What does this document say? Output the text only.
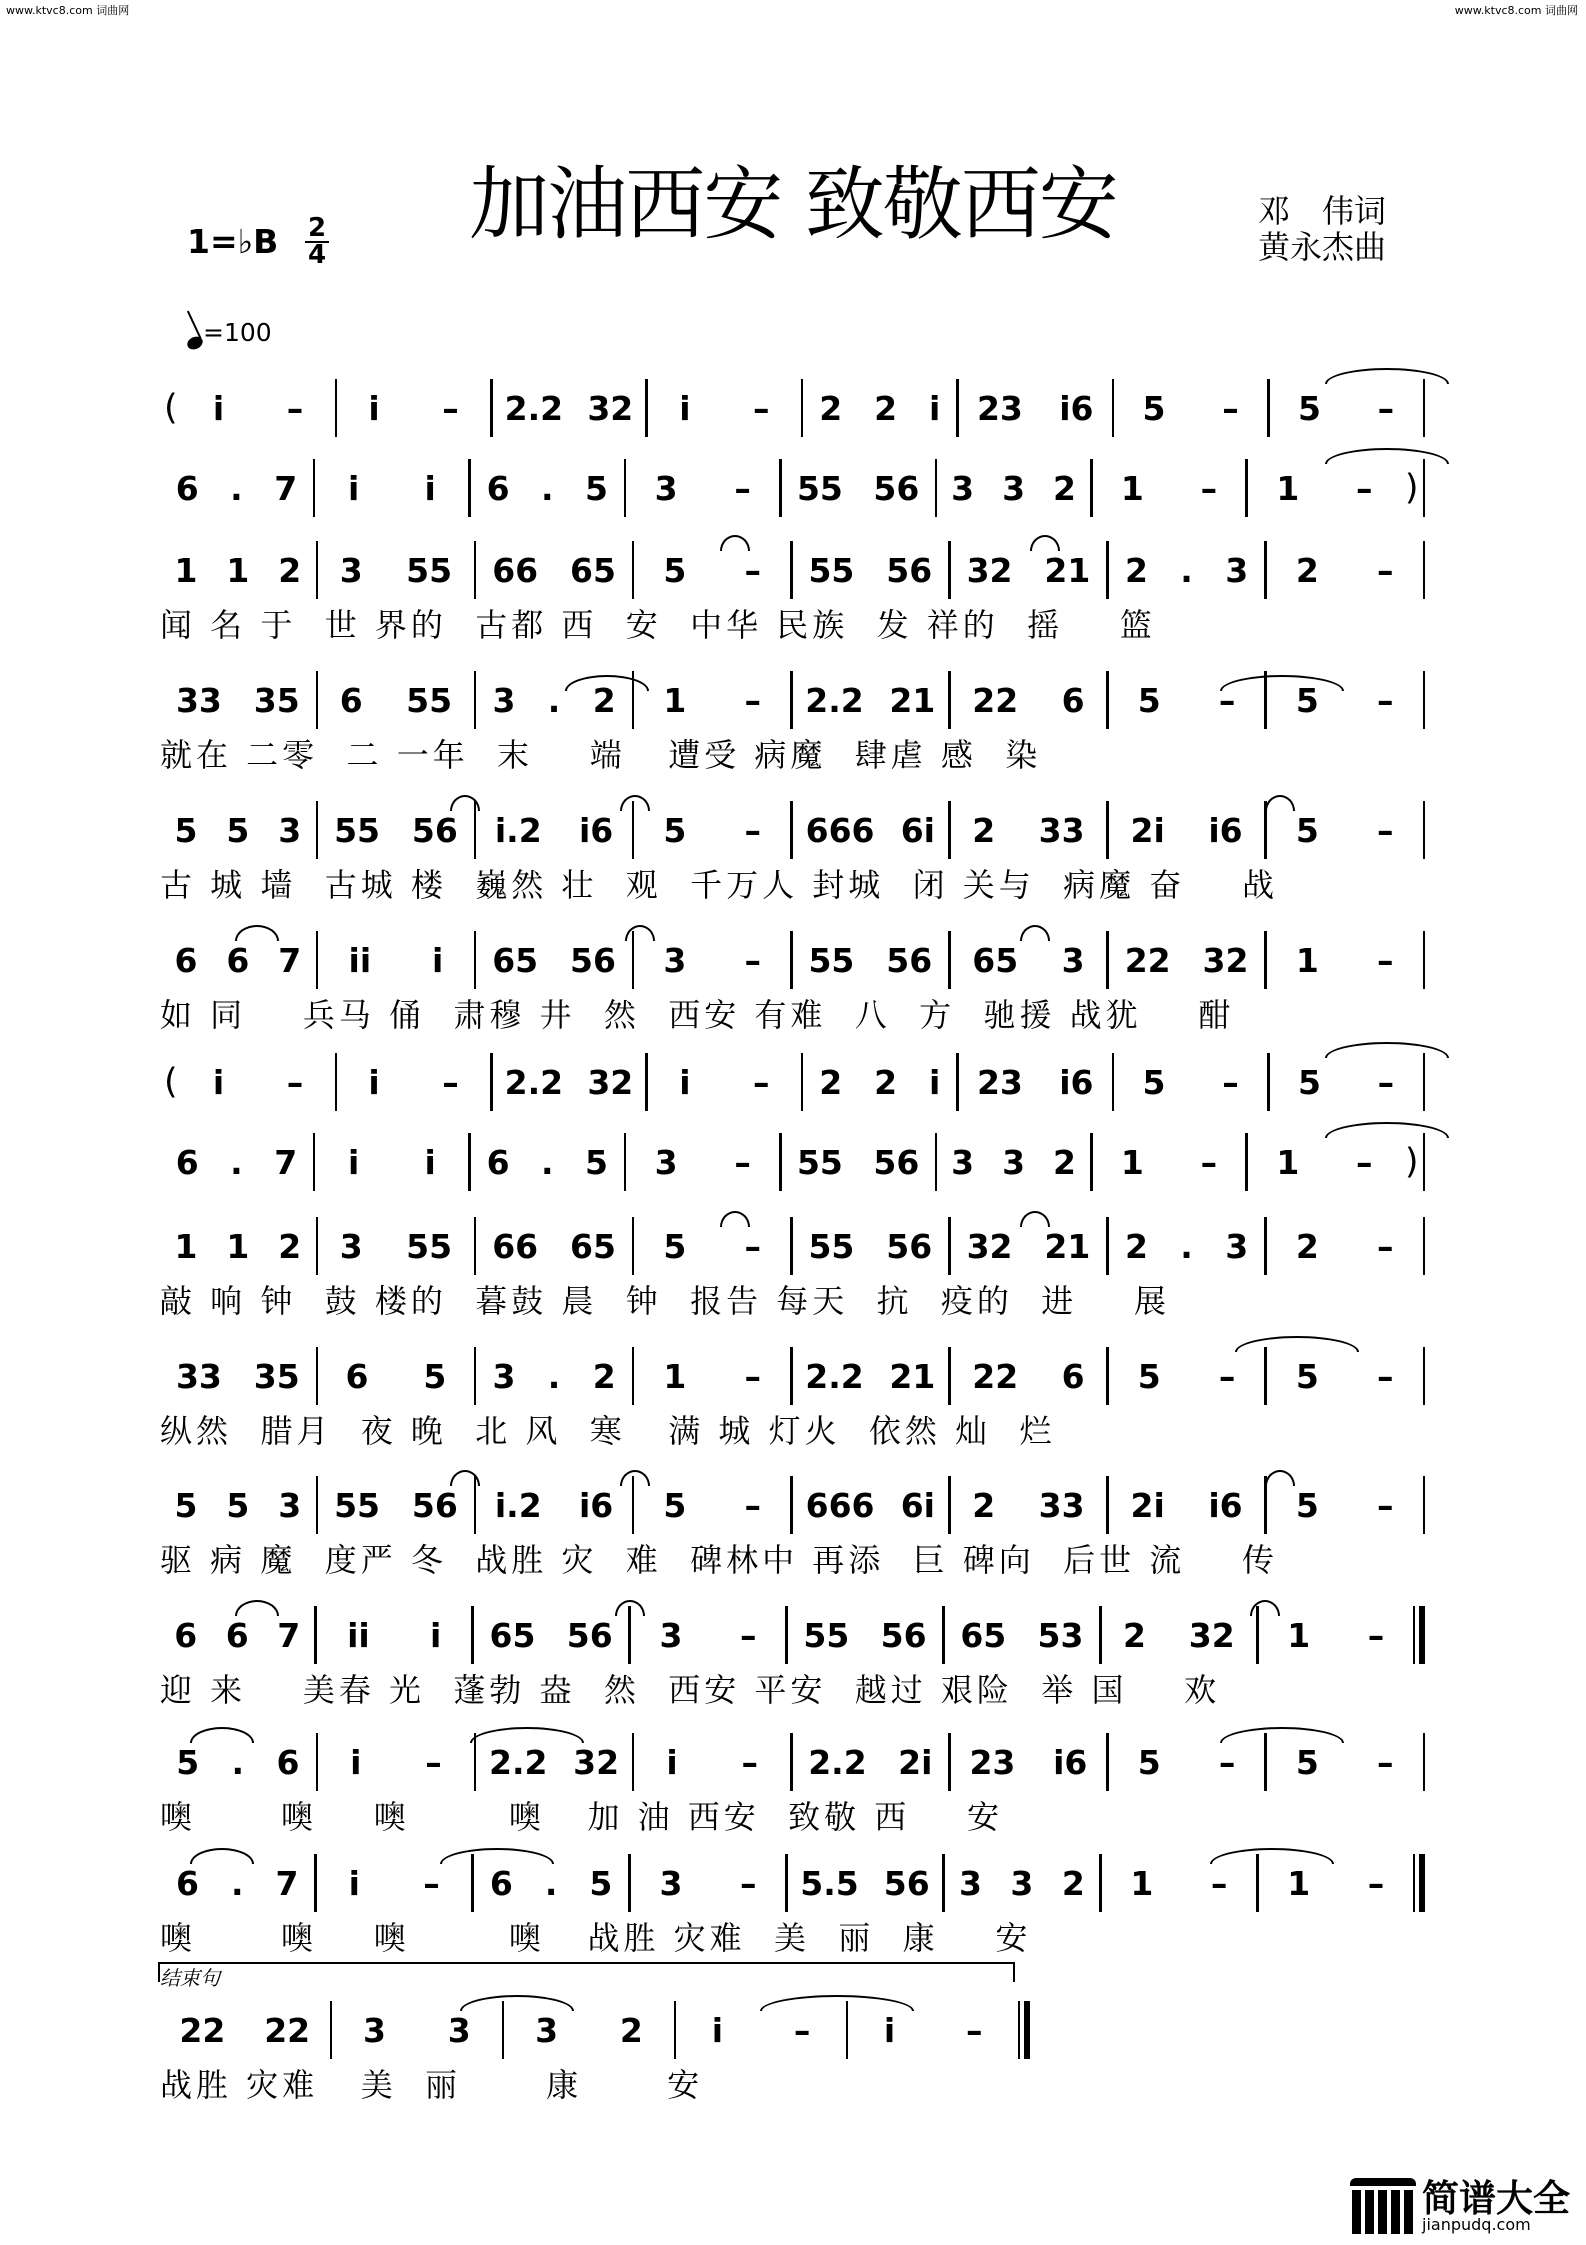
www.ktvc8.com 词曲网	www.ktvc8.com 词曲网
加油西安 致敬西安	邓　伟词
黄永杰曲
1=♭B 2
4
=100
( i – i – 2.2 32 i – 2 2 i 23 i6 5 – 5 –
6 . 7 i i 6 . 5 3 – 55 56 3 3 2 1 – 1 – )
1 1 2 3 55 66 65 5 – 55 56 32 21 2 . 3 2 –
闻 名 于  世 界的  古都 西  安  中华 民族  发 祥的  摇    篮
33 35 6 55 3 . 2 1 – 2.2 21 22 6 5 – 5 –
就在 二零  二 一年  末    端   遭受 病魔  肆虐 感  染
5 5 3 55 56 i.2 i6 5 – 666 6i 2 33 2i i6 5 –
古 城 墙  古城 楼  巍然 壮  观  千万人 封城  闭 关与  病魔 奋    战
6 6 7 ii i 65 56 3 – 55 56 65 3 22 32 1 –
如 同    兵马 俑  肃穆 井  然  西安 有难  八  方  驰援 战犹    酣
( i – i – 2.2 32 i – 2 2 i 23 i6 5 – 5 –
6 . 7 i i 6 . 5 3 – 55 56 3 3 2 1 – 1 – )
1 1 2 3 55 66 65 5 – 55 56 32 21 2 . 3 2 –
敲 响 钟  鼓 楼的  暮鼓 晨  钟  报告 每天  抗  疫的  进    展
33 35 6 5 3 . 2 1 – 2.2 21 22 6 5 – 5 –
纵然  腊月  夜 晚  北 风  寒   满 城 灯火  依然 灿  烂
5 5 3 55 56 i.2 i6 5 – 666 6i 2 33 2i i6 5 –
驱 病 魔  度严 冬  战胜 灾  难  碑林中 再添  巨 碑向  后世 流    传
6 6 7 ii i 65 56 3 – 55 56 65 53 2 32 1 –
迎 来    美春 光  蓬勃 盎  然  西安 平安  越过 艰险  举 国    欢
5 . 6 i – 2.2 32 i – 2.2 2i 23 i6 5 – 5 –
噢      噢    噢       噢   加 油 西安  致敬 西    安
6 . 7 i – 6 . 5 3 – 5.5 56 3 3 2 1 – 1 –
噢      噢    噢       噢   战胜 灾难  美  丽  康    安
22 22 3 3 3 2 i – i –
战胜 灾难   美  丽      康      安
结束句
简谱大全
jianpudq.com
